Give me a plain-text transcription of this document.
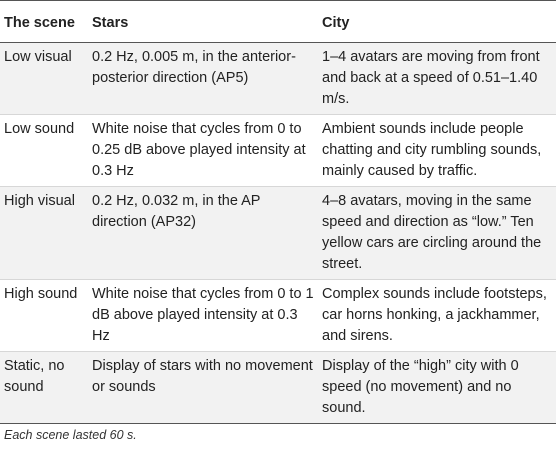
The scene	Stars	City
Low visual	0.2 Hz, 0.005 m, in the anterior-posterior direction (AP5)	1–4 avatars are moving from front and back at a speed of 0.51–1.40 m/s.
Low sound	White noise that cycles from 0 to 0.25 dB above played intensity at 0.3 Hz	Ambient sounds include people chatting and city rumbling sounds, mainly caused by traffic.
High visual	0.2 Hz, 0.032 m, in the AP direction (AP32)	4–8 avatars, moving in the same speed and direction as “low.” Ten yellow cars are circling around the street.
High sound	White noise that cycles from 0 to 1 dB above played intensity at 0.3 Hz	Complex sounds include footsteps, car horns honking, a jackhammer, and sirens.
Static, no sound	Display of stars with no movement or sounds	Display of the “high” city with 0 speed (no movement) and no sound.
Each scene lasted 60 s.
